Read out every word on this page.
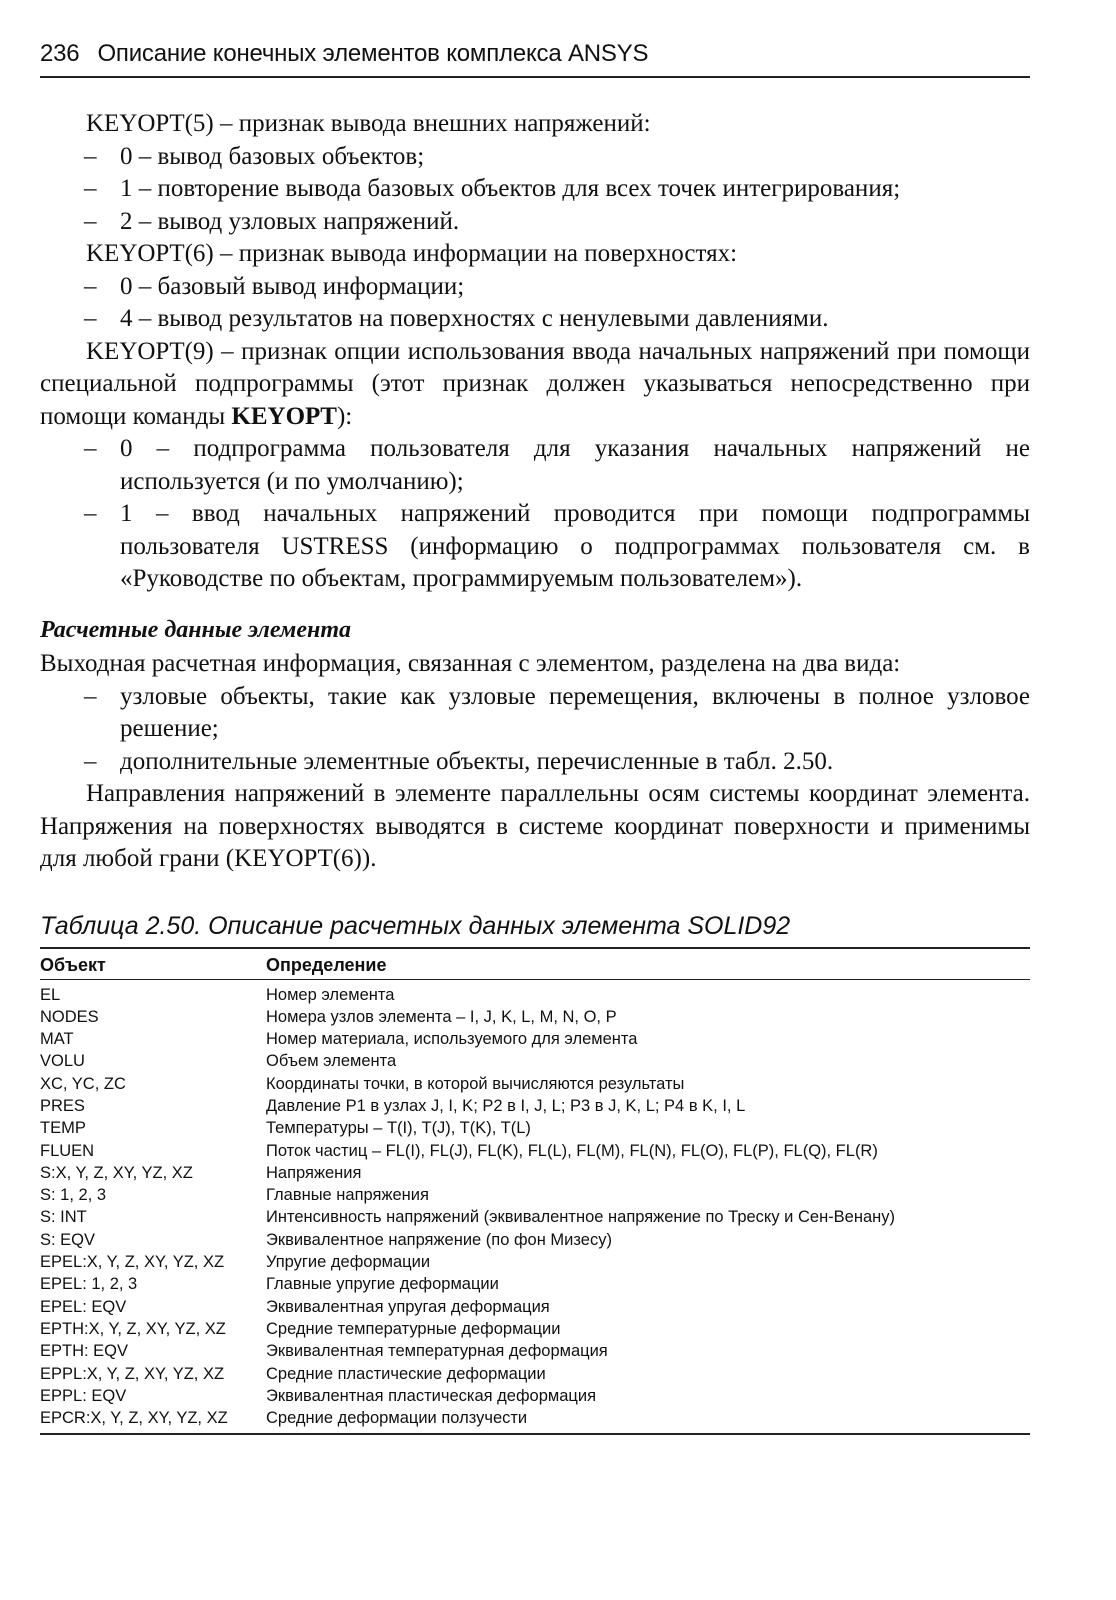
236 Описание конечных элементов комплекса ANSYS

KEYOPT(5) – признак вывода внешних напряжений:

– 0 – вывод базовых объектов;
– 1 – повторение вывода базовых объектов для всех точек интегрирования;
– 2 – вывод узловых напряжений.

KEYOPT(6) – признак вывода информации на поверхностях:

– 0 – базовый вывод информации;
– 4 – вывод результатов на поверхностях с ненулевыми давлениями.

KEYOPT(9) – признак опции использования ввода начальных напряжений при помощи специальной подпрограммы (этот признак должен указываться непосредственно при помощи команды KEYOPT):

– 0 – подпрограмма пользователя для указания начальных напряжений не используется (и по умолчанию);
– 1 – ввод начальных напряжений проводится при помощи подпрограммы пользователя USTRESS (информацию о подпрограммах пользователя см. в «Руководстве по объектам, программируемым пользователем»).
Расчетные данные элемента

Выходная расчетная информация, связанная с элементом, разделена на два вида:

– узловые объекты, такие как узловые перемещения, включены в полное узловое решение;
– дополнительные элементные объекты, перечисленные в табл. 2.50.

Направления напряжений в элементе параллельны осям системы координат элемента. Напряжения на поверхностях выводятся в системе координат поверхности и применимы для любой грани (KEYOPT(6)).

Таблица 2.50. Описание расчетных данных элемента SOLID92
Объект	Определение
EL	Номер элемента
NODES	Номера узлов элемента – I, J, K, L, M, N, O, P
MAT	Номер материала, используемого для элемента
VOLU	Объем элемента
XC, YC, ZC	Координаты точки, в которой вычисляются результаты
PRES	Давление P1 в узлах J, I, K; P2 в I, J, L; P3 в J, K, L; P4 в K, I, L
TEMP	Температуры – T(I), T(J), T(K), T(L)
FLUEN	Поток частиц – FL(I), FL(J), FL(K), FL(L), FL(M), FL(N), FL(O), FL(P), FL(Q), FL(R)
S:X, Y, Z, XY, YZ, XZ	Напряжения
S: 1, 2, 3	Главные напряжения
S: INT	Интенсивность напряжений (эквивалентное напряжение по Треску и Сен-Венану)
S: EQV	Эквивалентное напряжение (по фон Мизесу)
EPEL:X, Y, Z, XY, YZ, XZ	Упругие деформации
EPEL: 1, 2, 3	Главные упругие деформации
EPEL: EQV	Эквивалентная упругая деформация
EPTH:X, Y, Z, XY, YZ, XZ	Средние температурные деформации
EPTH: EQV	Эквивалентная температурная деформация
EPPL:X, Y, Z, XY, YZ, XZ	Средние пластические деформации
EPPL: EQV	Эквивалентная пластическая деформация
EPCR:X, Y, Z, XY, YZ, XZ	Средние деформации ползучести
